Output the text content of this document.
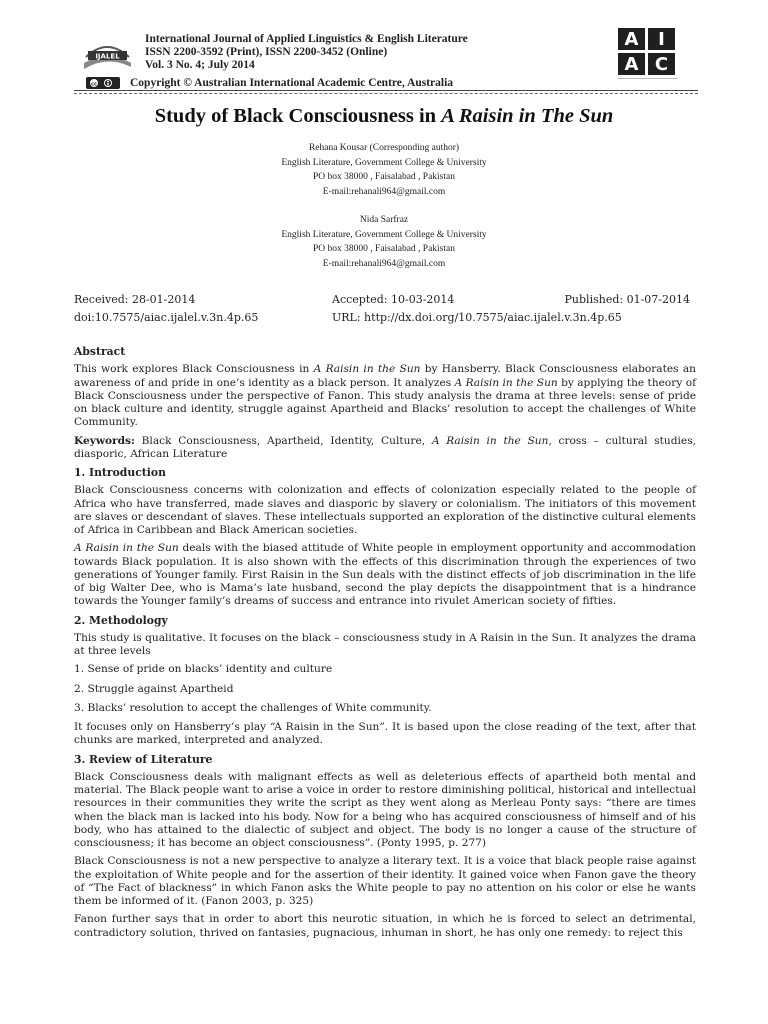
IJALEL
International Journal of Applied Linguistics & English Literature
ISSN 2200-3592 (Print), ISSN 2200-3452 (Online)
Vol. 3 No. 4; July 2014
cc	Copyright © Australian International Academic Centre, Australia
A	I
A C
Study of Black Consciousness in A Raisin in The Sun
Rehana Kousar (Corresponding author)
English Literature, Government College & University
PO box 38000 , Faisalabad , Pakistan
E-mail:rehanali964@gmail.com
Nida Sarfraz
English Literature, Government College & University
PO box 38000 , Faisalabad , Pakistan
E-mail:rehanali964@gmail.com
Received: 28-01-2014	Accepted: 10-03-2014	Published: 01-07-2014
doi:10.7575/aiac.ijalel.v.3n.4p.65	URL: http://dx.doi.org/10.7575/aiac.ijalel.v.3n.4p.65
Abstract

This work explores Black Consciousness in A Raisin in the Sun by Hansberry. Black Consciousness elaborates an awareness of and pride in one’s identity as a black person. It analyzes A Raisin in the Sun by applying the theory of Black Consciousness under the perspective of Fanon. This study analysis the drama at three levels: sense of pride on black culture and identity, struggle against Apartheid and Blacks’ resolution to accept the challenges of White Community.

Keywords: Black Consciousness, Apartheid, Identity, Culture, A Raisin in the Sun, cross – cultural studies, diasporic, African Literature

1. Introduction

Black Consciousness concerns with colonization and effects of colonization especially related to the people of Africa who have transferred, made slaves and diasporic by slavery or colonialism. The initiators of this movement are slaves or descendant of slaves. These intellectuals supported an exploration of the distinctive cultural elements of Africa in Caribbean and Black American societies.

A Raisin in the Sun deals with the biased attitude of White people in employment opportunity and accommodation towards Black population. It is also shown with the effects of this discrimination through the experiences of two generations of Younger family. First Raisin in the Sun deals with the distinct effects of job discrimination in the life of big Walter Dee, who is Mama’s late husband, second the play depicts the disappointment that is a hindrance towards the Younger family’s dreams of success and entrance into rivulet American society of fifties.

2. Methodology

This study is qualitative. It focuses on the black – consciousness study in A Raisin in the Sun. It analyzes the drama at three levels

1. Sense of pride on blacks’ identity and culture
2. Struggle against Apartheid
3. Blacks’ resolution to accept the challenges of White community.

It focuses only on Hansberry’s play “A Raisin in the Sun”. It is based upon the close reading of the text, after that chunks are marked, interpreted and analyzed.

3. Review of Literature

Black Consciousness deals with malignant effects as well as deleterious effects of apartheid both mental and material. The Black people want to arise a voice in order to restore diminishing political, historical and intellectual resources in their communities they write the script as they went along as Merleau Ponty says: “there are times when the black man is lacked into his body. Now for a being who has acquired consciousness of himself and of his body, who has attained to the dialectic of subject and object. The body is no longer a cause of the structure of consciousness; it has become an object consciousness”. (Ponty 1995, p. 277)

Black Consciousness is not a new perspective to analyze a literary text. It is a voice that black people raise against the exploitation of White people and for the assertion of their identity. It gained voice when Fanon gave the theory of “The Fact of blackness” in which Fanon asks the White people to pay no attention on his color or else he wants them be informed of it. (Fanon 2003, p. 325)

Fanon further says that in order to abort this neurotic situation, in which he is forced to select an detrimental, contradictory solution, thrived on fantasies, pugnacious, inhuman in short, he has only one remedy: to reject this
